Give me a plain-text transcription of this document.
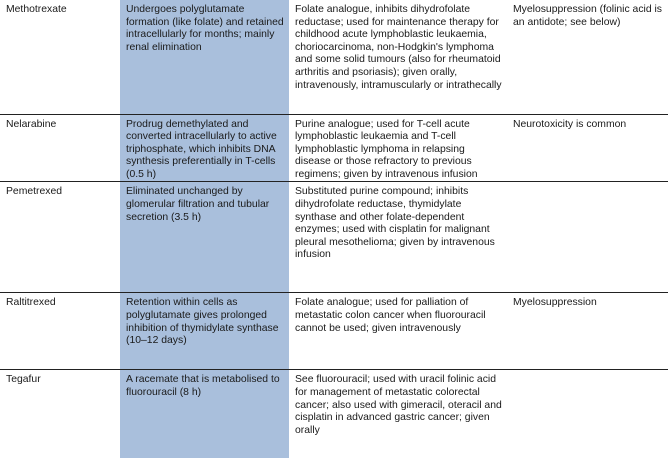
Methotrexate	Undergoes polyglutamate formation (like folate) and retained intracellularly for months; mainly renal elimination	Folate analogue, inhibits dihydrofolate reductase; used for maintenance therapy for childhood acute lymphoblastic leukaemia, choriocarcinoma, non-Hodgkin's lymphoma and some solid tumours (also for rheumatoid arthritis and psoriasis); given orally, intravenously, intramuscularly or intrathecally	Myelosuppression (folinic acid is an antidote; see below)
Nelarabine	Prodrug demethylated and converted intracellularly to active triphosphate, which inhibits DNA synthesis preferentially in T-cells (0.5 h)	Purine analogue; used for T-cell acute lymphoblastic leukaemia and T-cell lymphoblastic lymphoma in relapsing disease or those refractory to previous regimens; given by intravenous infusion	Neurotoxicity is common
Pemetrexed	Eliminated unchanged by glomerular filtration and tubular secretion (3.5 h)	Substituted purine compound; inhibits dihydrofolate reductase, thymidylate synthase and other folate-dependent enzymes; used with cisplatin for malignant pleural mesothelioma; given by intravenous infusion	
Raltitrexed	Retention within cells as polyglutamate gives prolonged inhibition of thymidylate synthase (10–12 days)	Folate analogue; used for palliation of metastatic colon cancer when fluorouracil cannot be used; given intravenously	Myelosuppression
Tegafur	A racemate that is metabolised to fluorouracil (8 h)	See fluorouracil; used with uracil folinic acid for management of metastatic colorectal cancer; also used with gimeracil, oteracil and cisplatin in advanced gastric cancer; given orally	
